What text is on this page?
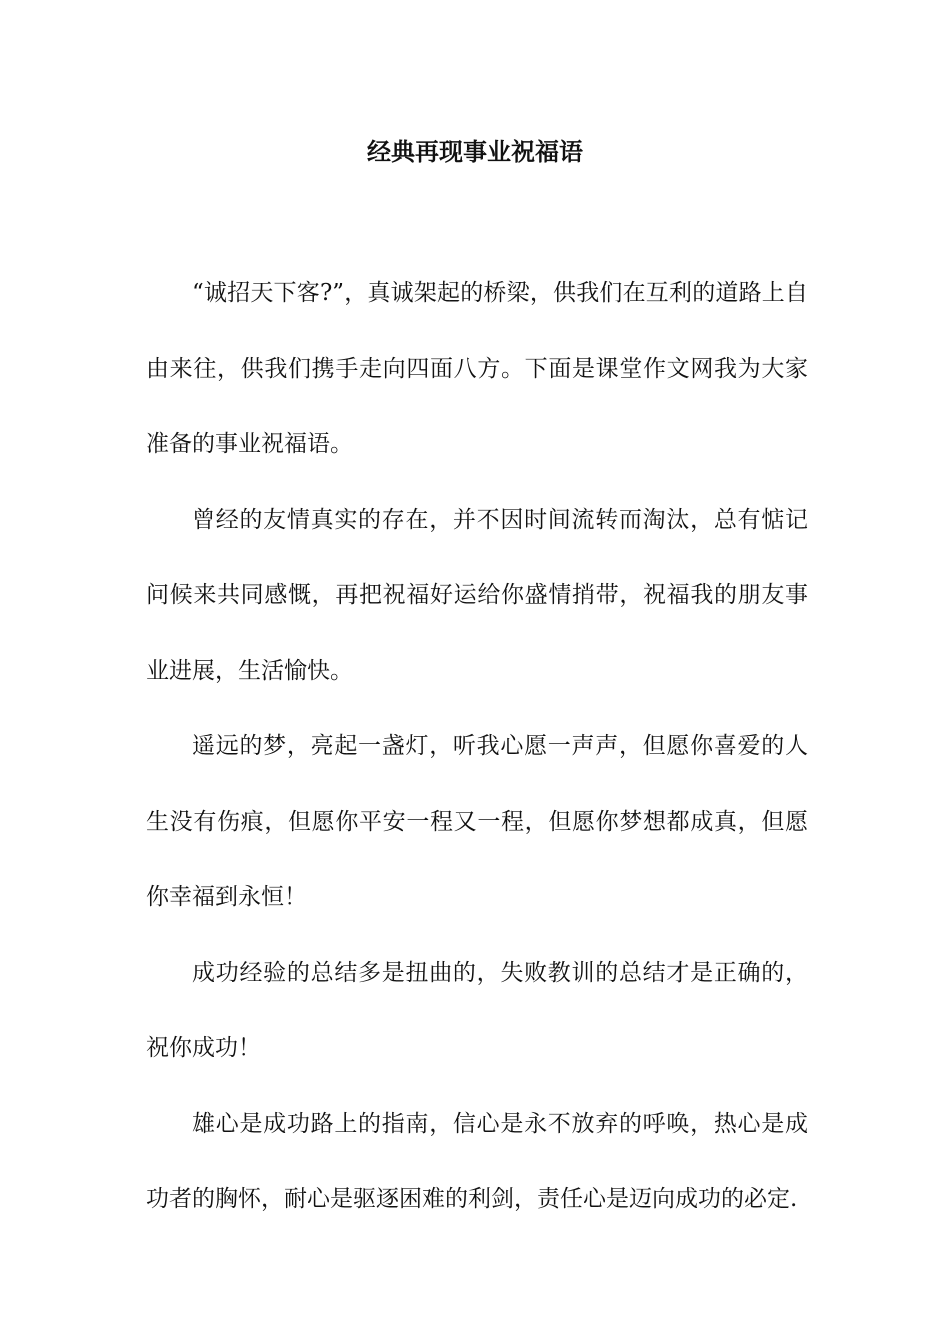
经典再现事业祝福语

“诚招天下客?”，真诚架起的桥梁，供我们在互利的道路上自由来往，供我们携手走向四面八方。下面是课堂作文网我为大家准备的事业祝福语。

曾经的友情真实的存在，并不因时间流转而淘汰，总有惦记问候来共同感慨，再把祝福好运给你盛情捎带，祝福我的朋友事业进展，生活愉快。

遥远的梦，亮起一盏灯，听我心愿一声声，但愿你喜爱的人生没有伤痕，但愿你平安一程又一程，但愿你梦想都成真，但愿你幸福到永恒！

成功经验的总结多是扭曲的，失败教训的总结才是正确的，祝你成功！

雄心是成功路上的指南，信心是永不放弃的呼唤，热心是成功者的胸怀，耐心是驱逐困难的利剑，责任心是迈向成功的必定.
